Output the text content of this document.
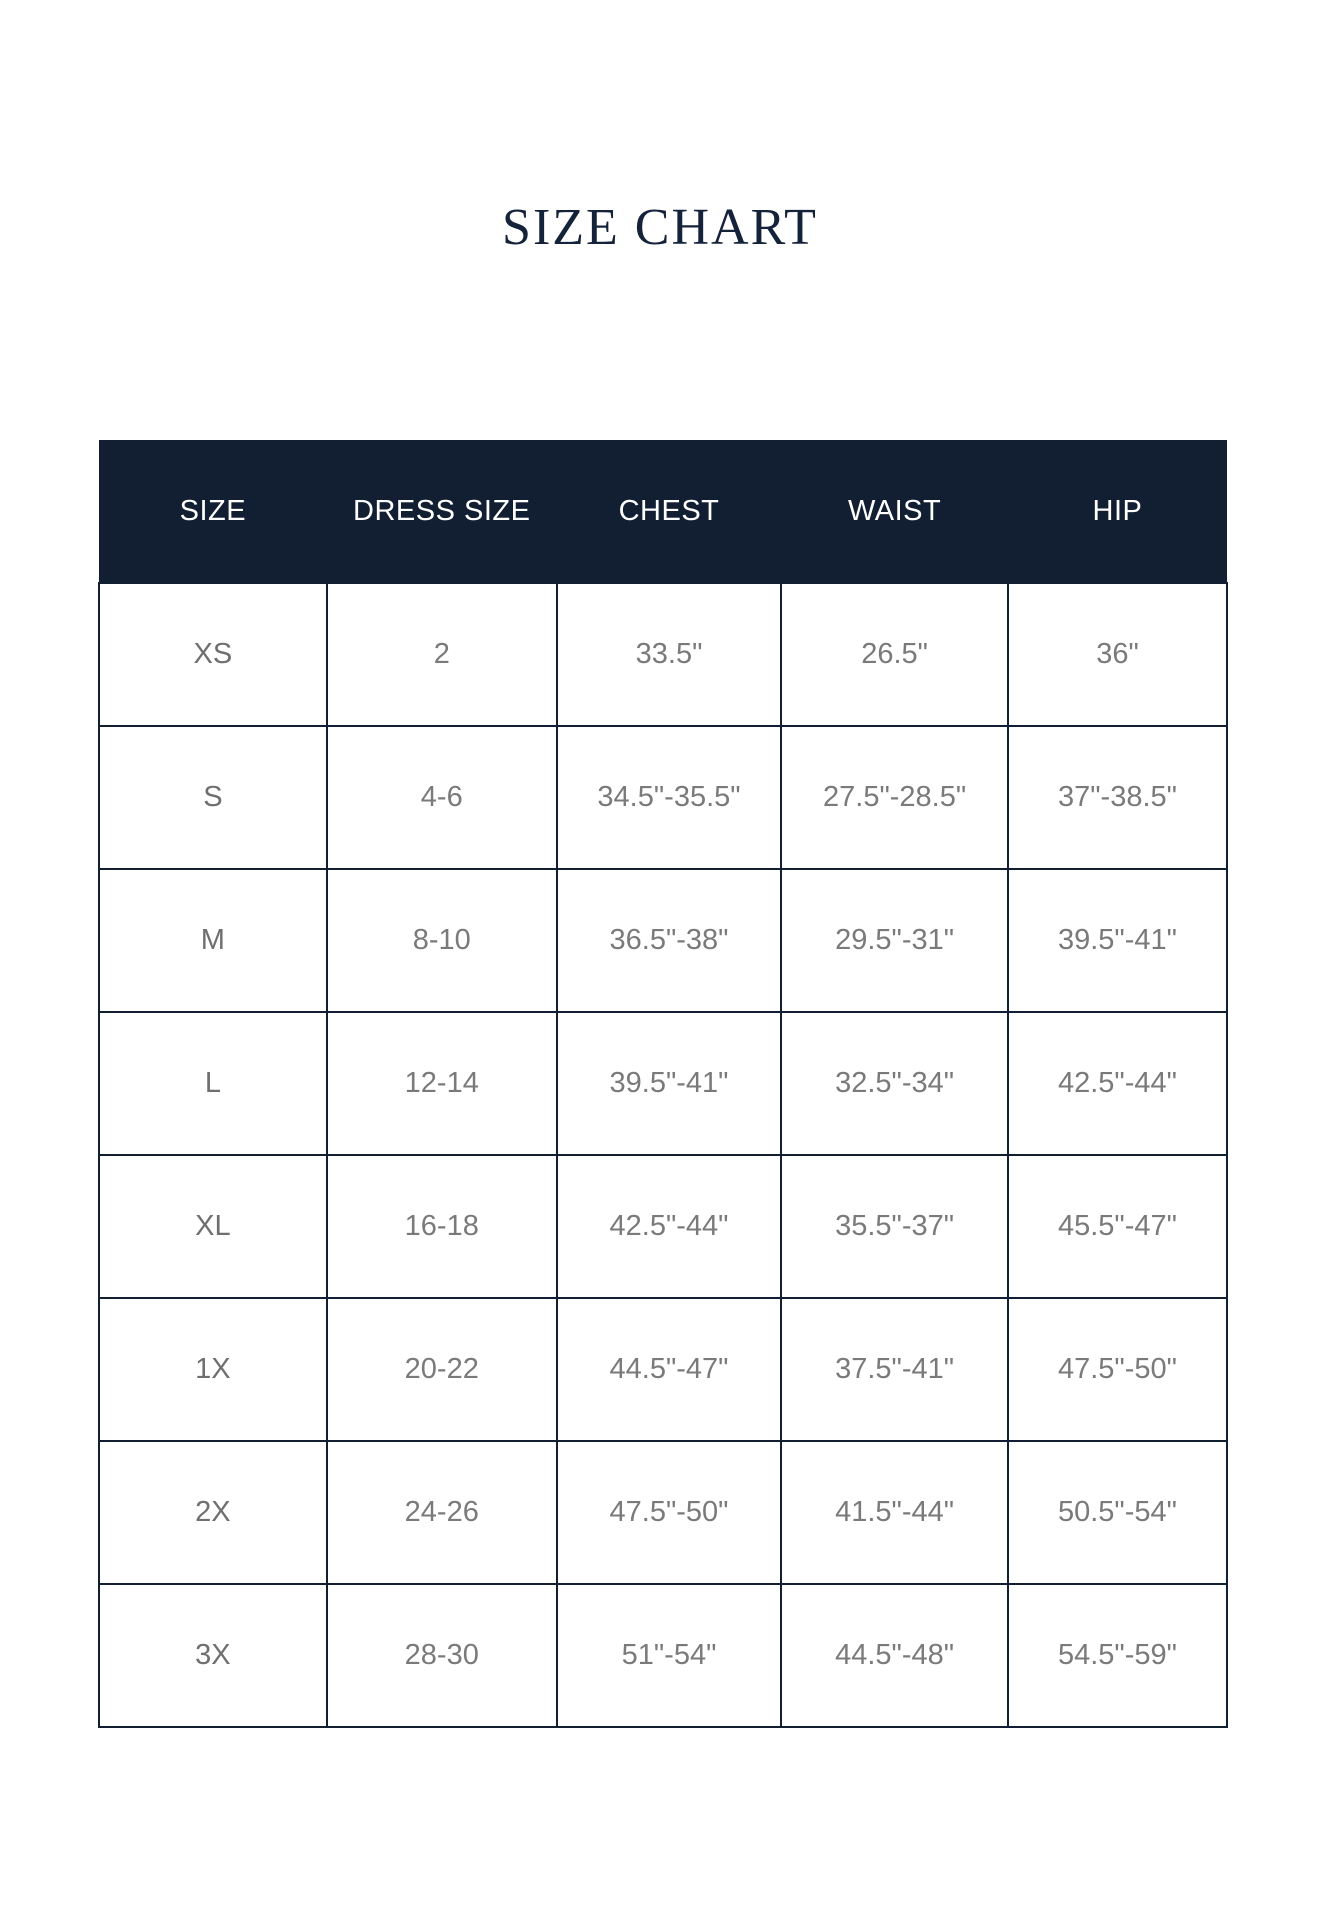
SIZE CHART
SIZE	DRESS SIZE	CHEST	WAIST	HIP
XS	2	33.5"	26.5"	36"
S	4-6	34.5"-35.5"	27.5"-28.5"	37"-38.5"
M	8-10	36.5"-38"	29.5"-31"	39.5"-41"
L	12-14	39.5"-41"	32.5"-34"	42.5"-44"
XL	16-18	42.5"-44"	35.5"-37"	45.5"-47"
1X	20-22	44.5"-47"	37.5"-41"	47.5"-50"
2X	24-26	47.5"-50"	41.5"-44"	50.5"-54"
3X	28-30	51"-54"	44.5"-48"	54.5"-59"
